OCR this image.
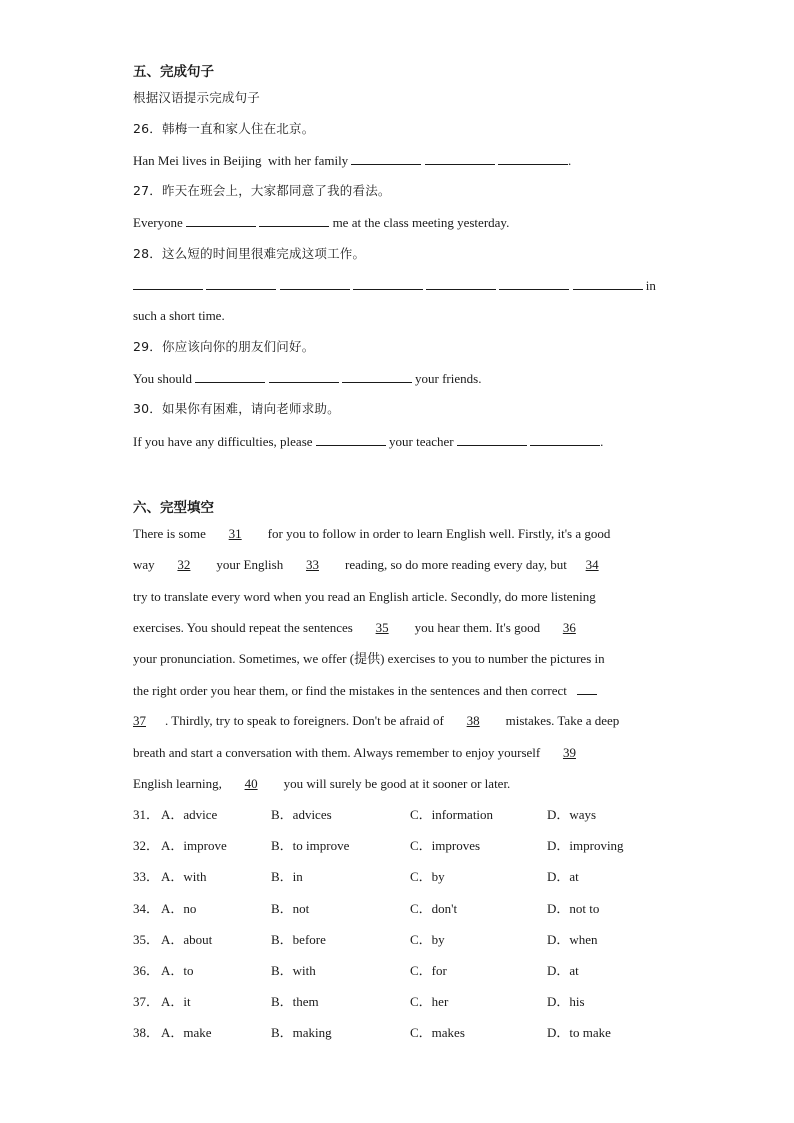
五、完成句子
根据汉语提示完成句子
26．韩梅一直和家人住在北京。
Han Mei lives in Beijing  with her family	.
27．昨天在班会上，大家都同意了我的看法。
Everyone	me at the class meeting yesterday.
28．这么短的时间里很难完成这项工作。
in
such a short time.
29．你应该向你的朋友们问好。
You should	your friends.
30．如果你有困难，请向老师求助。
If you have any difficulties, please	your teacher	.
六、完型填空
There is some 31  for you to follow in order to learn English well. Firstly, it's a good
way 32  your English 33  reading, so do more reading every day, but 34
try to translate every word when you read an English article. Secondly, do more listening
exercises. You should repeat the sentences 35  you hear them. It's good 36
your pronunciation. Sometimes, we offer (提供) exercises to you to number the pictures in
the right order you hear them, or find the mistakes in the sentences and then correct
37 . Thirdly, try to speak to foreigners. Don't be afraid of 38  mistakes. Take a deep
breath and start a conversation with them. Always remember to enjoy yourself 39
English learning, 40  you will surely be good at it sooner or later.
31． A．advice	B．advices	C．information	D．ways
32． A．improve	B．to improve	C．improves	D．improving
33． A．with	B．in	C．by	D．at
34． A．no	B．not	C．don't	D．not to
35． A．about	B．before	C．by	D．when
36． A．to	B．with	C．for	D．at
37． A．it	B．them	C．her	D．his
38． A．make	B．making	C．makes	D．to make
